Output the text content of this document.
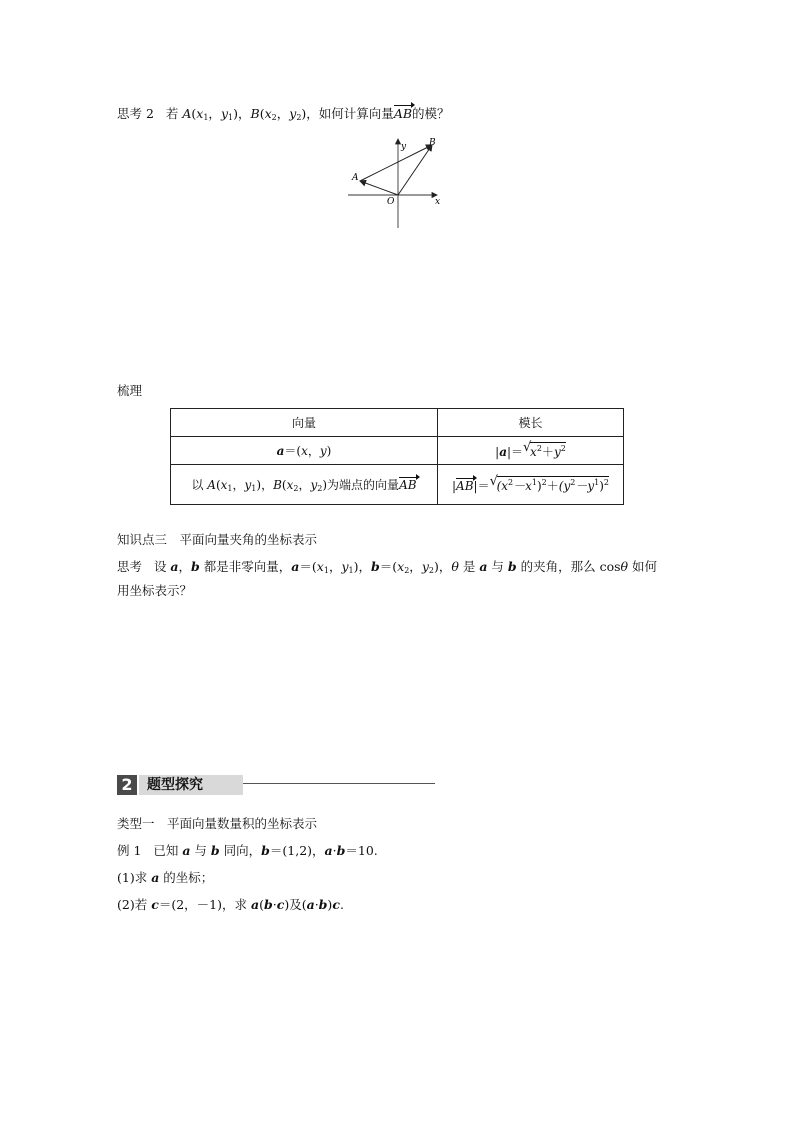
思考 2 若 $A(x_1$，$y_1$)，$B(x_2$，$y_2$)，如何计算向量AB的模？
y
x
O
A
B
梳理
向量	模长
a＝(x，y)	|a|＝ √
$x^2+y^2$
以 $A(x_1$，$y_1$)，$B(x_2$，$y_2$)为端点的向量AB	|AB|＝ √
$(x^2-x^1)^2+(y^2-y^1)^2$
知识点三　平面向量夹角的坐标表示
思考 设 a，b 都是非零向量，$a=(x_1$，$y_1$)，$b=(x_2$，$y_2$)，θ 是 a 与 b 的夹角，那么 cosθ 如何
用坐标表示？
2	题型探究
类型一　平面向量数量积的坐标表示
例 1 已知 a 与 b 同向，b＝(1,2)，a·b＝10.
(1)求 a 的坐标；
(2)若 c＝(2，－1)，求 a(b·c)及(a·b)c.
